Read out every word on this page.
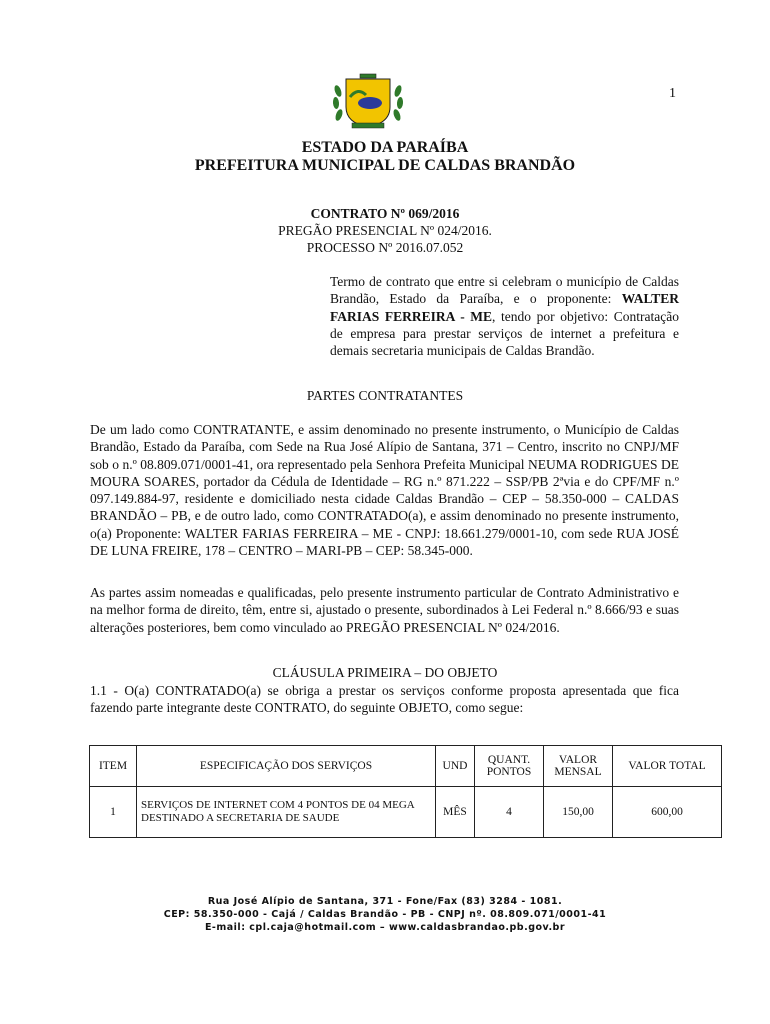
1
ESTADO DA PARAÍBA
PREFEITURA MUNICIPAL DE CALDAS BRANDÃO
CONTRATO Nº 069/2016
PREGÃO PRESENCIAL Nº 024/2016.
PROCESSO Nº 2016.07.052
Termo de contrato que entre si celebram o município de Caldas Brandão, Estado da Paraíba, e o proponente: WALTER FARIAS FERREIRA - ME, tendo por objetivo: Contratação de empresa para prestar serviços de internet a prefeitura e demais secretaria municipais de Caldas Brandão.
PARTES CONTRATANTES

De um lado como CONTRATANTE, e assim denominado no presente instrumento, o Município de Caldas Brandão, Estado da Paraíba, com Sede na Rua José Alípio de Santana, 371 – Centro, inscrito no CNPJ/MF sob o n.º 08.809.071/0001-41, ora representado pela Senhora Prefeita Municipal NEUMA RODRIGUES DE MOURA SOARES, portador da Cédula de Identidade – RG n.º 871.222 – SSP/PB 2ªvia e do CPF/MF n.º 097.149.884-97, residente e domiciliado nesta cidade Caldas Brandão – CEP – 58.350-000 – CALDAS BRANDÃO – PB, e de outro lado, como CONTRATADO(a), e assim denominado no presente instrumento, o(a) Proponente: WALTER FARIAS FERREIRA – ME - CNPJ: 18.661.279/0001-10, com sede RUA JOSÉ DE LUNA FREIRE, 178 – CENTRO – MARI-PB – CEP: 58.345-000.

As partes assim nomeadas e qualificadas, pelo presente instrumento particular de Contrato Administrativo e na melhor forma de direito, têm, entre si, ajustado o presente, subordinados à Lei Federal n.º 8.666/93 e suas alterações posteriores, bem como vinculado ao PREGÃO PRESENCIAL Nº 024/2016.

CLÁUSULA PRIMEIRA – DO OBJETO

1.1 - O(a) CONTRATADO(a) se obriga a prestar os serviços conforme proposta apresentada que fica fazendo parte integrante deste CONTRATO, do seguinte OBJETO, como segue:

ITEM	ESPECIFICAÇÃO DOS SERVIÇOS	UND	QUANT. PONTOS	VALOR MENSAL	VALOR TOTAL
1	SERVIÇOS DE INTERNET COM 4 PONTOS DE 04 MEGA DESTINADO A SECRETARIA DE SAUDE	MÊS	4	150,00	600,00
Rua José Alípio de Santana, 371 - Fone/Fax (83) 3284 - 1081.
CEP: 58.350-000 - Cajá / Caldas Brandão - PB - CNPJ nº. 08.809.071/0001-41
E-mail: cpl.caja@hotmail.com – www.caldasbrandao.pb.gov.br
